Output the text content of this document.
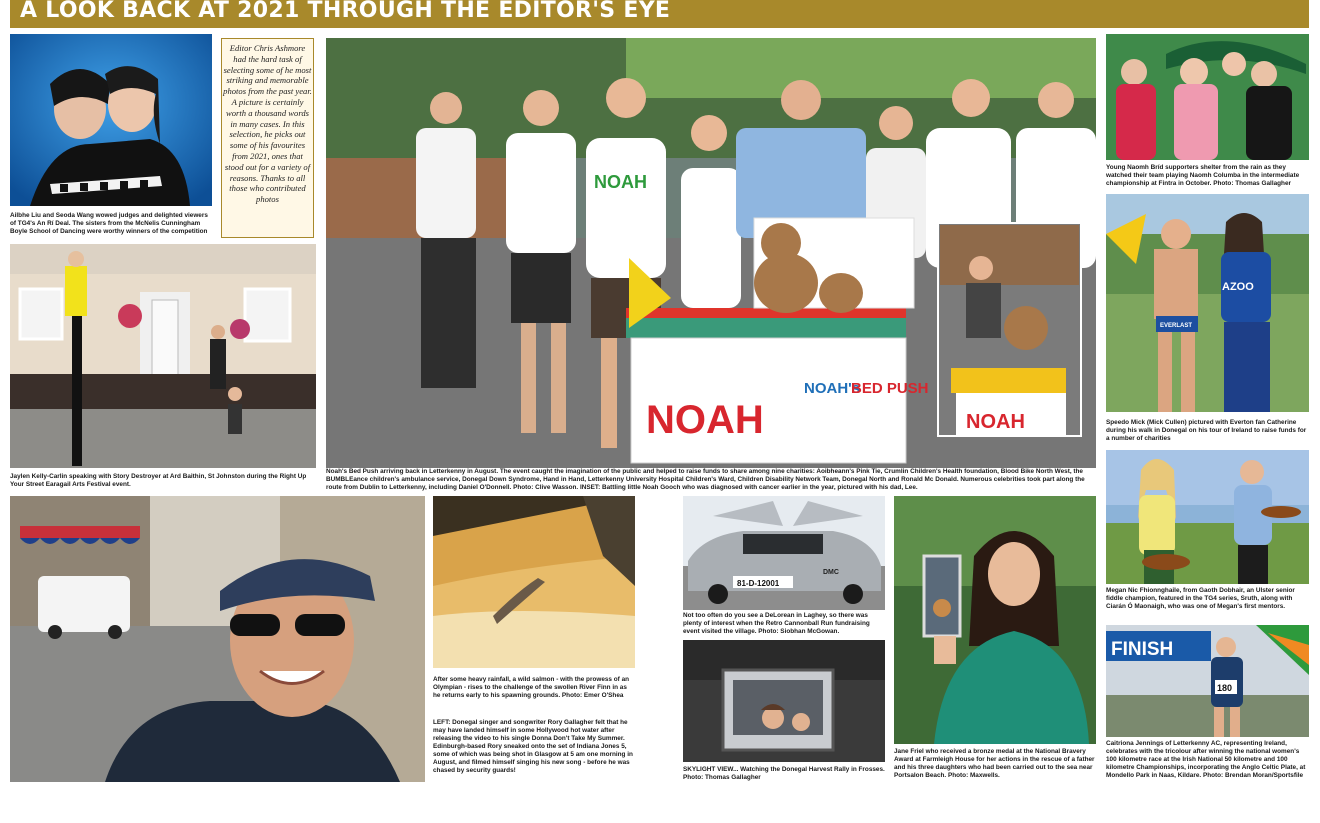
A LOOK BACK AT 2021 THROUGH THE EDITOR'S EYE

Ailbhe Liu and Seoda Wang wowed judges and delighted viewers of TG4's An Rí Deal. The sisters from the McNelis Cunningham Boyle School of Dancing were worthy winners of the competition

Editor Chris Ashmore had the hard task of selecting some of he most striking and memorable photos from the past year. A picture is certainly worth a thousand words in many cases. In this selection, he picks out some of his favourites from 2021, ones that stood out for a variety of reasons. Thanks to all those who contributed photos

Jaylen Kelly-Carlin speaking with Story Destroyer at Ard Baithin, St Johnston during the Right Up Your Street Earagail Arts Festival event.

NOAH
NOAH
NOAH's
BED PUSH
NOAH

Noah's Bed Push arriving back in Letterkenny in August. The event caught the imagination of the public and helped to raise funds to share among nine charities: Aoibheann's Pink Tie, Crumlin Children's Health foundation, Blood Bike North West, the BUMBLEance children's ambulance service, Donegal Down Syndrome, Hand in Hand, Letterkenny University Hospital Children's Ward, Children Disability Network Team, Donegal North and Ronald Mc Donald. Numerous celebrities took part along the route from Dublin to Letterkenny, including Daniel O'Donnell. Photo: Clive Wasson. INSET: Battling little Noah Gooch who was diagnosed with cancer earlier in the year, pictured with his dad, Lee.

Young Naomh Bríd supporters shelter from the rain as they watched their team playing Naomh Columba in the intermediate championship at Fintra in October. Photo: Thomas Gallagher

AZOO
EVERLAST

Speedo Mick (Mick Cullen) pictured with Everton fan Catherine during his walk in Donegal on his tour of Ireland to raise funds for a number of charities

Megan Nic Fhionnghaile, from Gaoth Dobhair, an Ulster senior fiddle champion, featured in the TG4 series, Sruth, along with Ciarán Ó Maonaigh, who was one of Megan's first mentors.

FINISH
180

Caitriona Jennings of Letterkenny AC, representing Ireland, celebrates with the tricolour after winning the national women's 100 kilometre race at the Irish National 50 kilometre and 100 kilometre Championships, incorporating the Anglo Celtic Plate, at Mondello Park in Naas, Kildare. Photo: Brendan Moran/Sportsfile

After some heavy rainfall, a wild salmon - with the prowess of an Olympian - rises to the challenge of the swollen River Finn in as he returns early to his spawning grounds. Photo: Emer O'Shea

LEFT: Donegal singer and songwriter Rory Gallagher felt that he may have landed himself in some Hollywood hot water after releasing the video to his single Donna Don't Take My Summer. Edinburgh-based Rory sneaked onto the set of Indiana Jones 5, some of which was being shot in Glasgow at 5 am one morning in August, and filmed himself singing his new song - before he was chased by security guards!

81-D-12001
DMC

Not too often do you see a DeLorean in Laghey, so there was plenty of interest when the Retro Cannonball Run fundraising event visited the village. Photo: Siobhan McGowan.

SKYLIGHT VIEW... Watching the Donegal Harvest Rally in Frosses. Photo: Thomas Gallagher

Jane Friel who received a bronze medal at the National Bravery Award at Farmleigh House for her actions in the rescue of a father and his three daughters who had been carried out to the sea near Portsalon Beach. Photo: Maxwells.
